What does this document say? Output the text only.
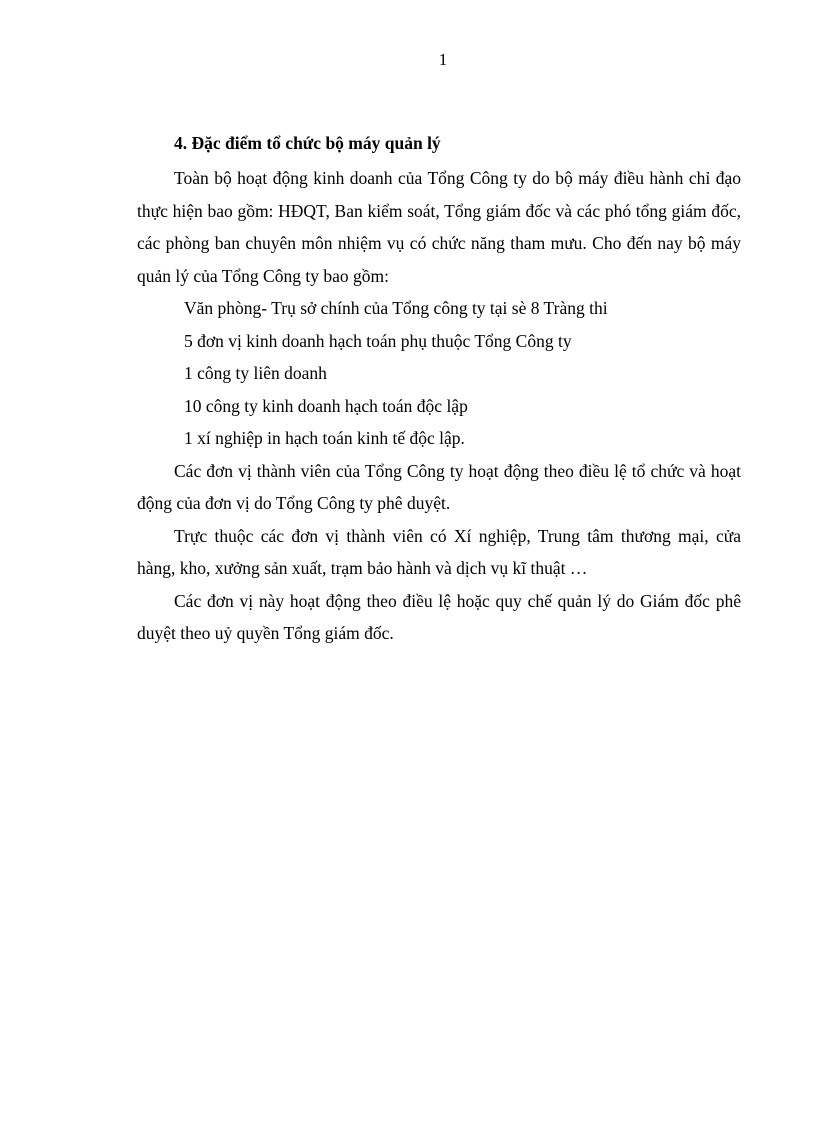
1
4. Đặc điểm tổ chức bộ máy quản lý

Toàn bộ hoạt động kinh doanh của Tổng Công ty do bộ máy điều hành chỉ đạo thực hiện bao gồm: HĐQT, Ban kiểm soát, Tổng giám đốc và các phó tổng giám đốc, các phòng ban chuyên môn nhiệm vụ có chức năng tham mưu. Cho đến nay bộ máy quản lý của Tổng Công ty bao gồm:

Văn phòng- Trụ sở chính của Tổng công ty tại sè 8 Tràng thi
5 đơn vị kinh doanh hạch toán phụ thuộc Tổng Công ty
1 công ty liên doanh
10 công ty kinh doanh hạch toán độc lập
1 xí nghiệp in hạch toán kinh tế độc lập.

Các đơn vị thành viên của Tổng Công ty hoạt động theo điều lệ tổ chức và hoạt động của đơn vị do Tổng Công ty phê duyệt.

Trực thuộc các đơn vị thành viên có Xí nghiệp, Trung tâm thương mại, cửa hàng, kho, xưởng sản xuất, trạm bảo hành và dịch vụ kĩ thuật …

Các đơn vị này hoạt động theo điều lệ hoặc quy chế quản lý do Giám đốc phê duyệt theo uỷ quyền Tổng giám đốc.
